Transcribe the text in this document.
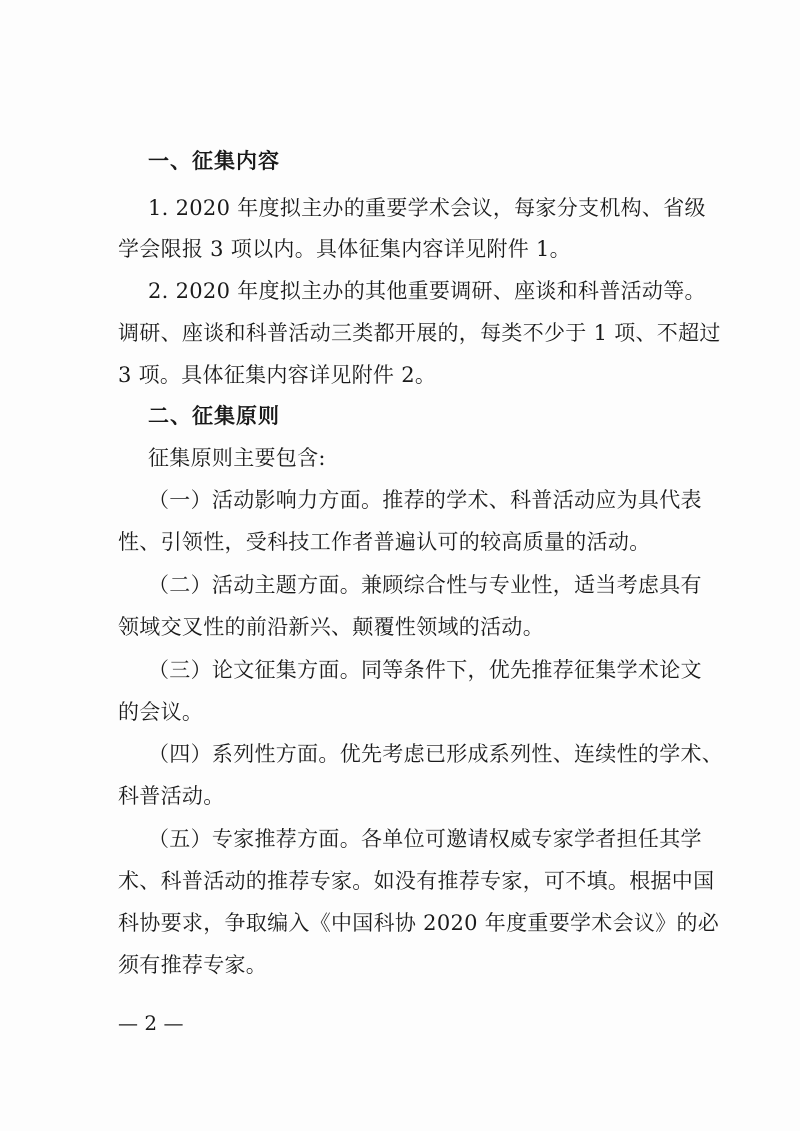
一、征集内容
1. 2020 年度拟主办的重要学术会议，每家分支机构、省级
学会限报 3 项以内。具体征集内容详见附件 1。
2. 2020 年度拟主办的其他重要调研、座谈和科普活动等。
调研、座谈和科普活动三类都开展的，每类不少于 1 项、不超过
3 项。具体征集内容详见附件 2。
二、征集原则
征集原则主要包含:
（一）活动影响力方面。推荐的学术、科普活动应为具代表
性、引领性，受科技工作者普遍认可的较高质量的活动。
（二）活动主题方面。兼顾综合性与专业性，适当考虑具有
领域交叉性的前沿新兴、颠覆性领域的活动。
（三）论文征集方面。同等条件下，优先推荐征集学术论文
的会议。
（四）系列性方面。优先考虑已形成系列性、连续性的学术、
科普活动。
（五）专家推荐方面。各单位可邀请权威专家学者担任其学
术、科普活动的推荐专家。如没有推荐专家，可不填。根据中国
科协要求，争取编入《中国科协 2020 年度重要学术会议》的必
须有推荐专家。
— 2 —
